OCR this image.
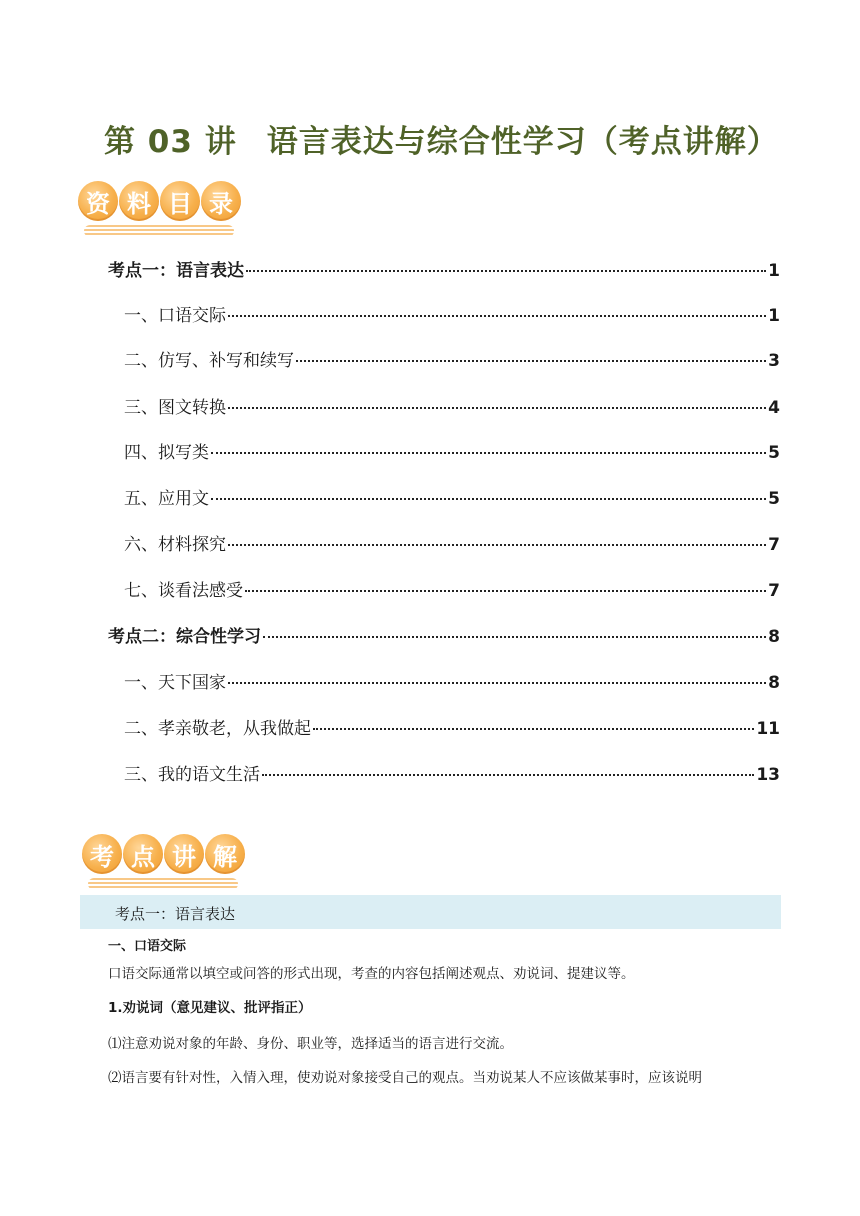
第 03 讲 语言表达与综合性学习（考点讲解）
资 料 目 录
考点一：语言表达	1
一、口语交际	1
二、仿写、补写和续写	3
三、图文转换	4
四、拟写类	5
五、应用文	5
六、材料探究	7
七、谈看法感受	7
考点二：综合性学习	8
一、天下国家	8
二、孝亲敬老，从我做起	11
三、我的语文生活	13
考 点 讲 解
考点一：语言表达
一、口语交际
口语交际通常以填空或问答的形式出现，考查的内容包括阐述观点、劝说词、提建议等。
1.劝说词（意见建议、批评指正）
⑴注意劝说对象的年龄、身份、职业等，选择适当的语言进行交流。
⑵语言要有针对性，入情入理，使劝说对象接受自己的观点。当劝说某人不应该做某事时，应该说明
